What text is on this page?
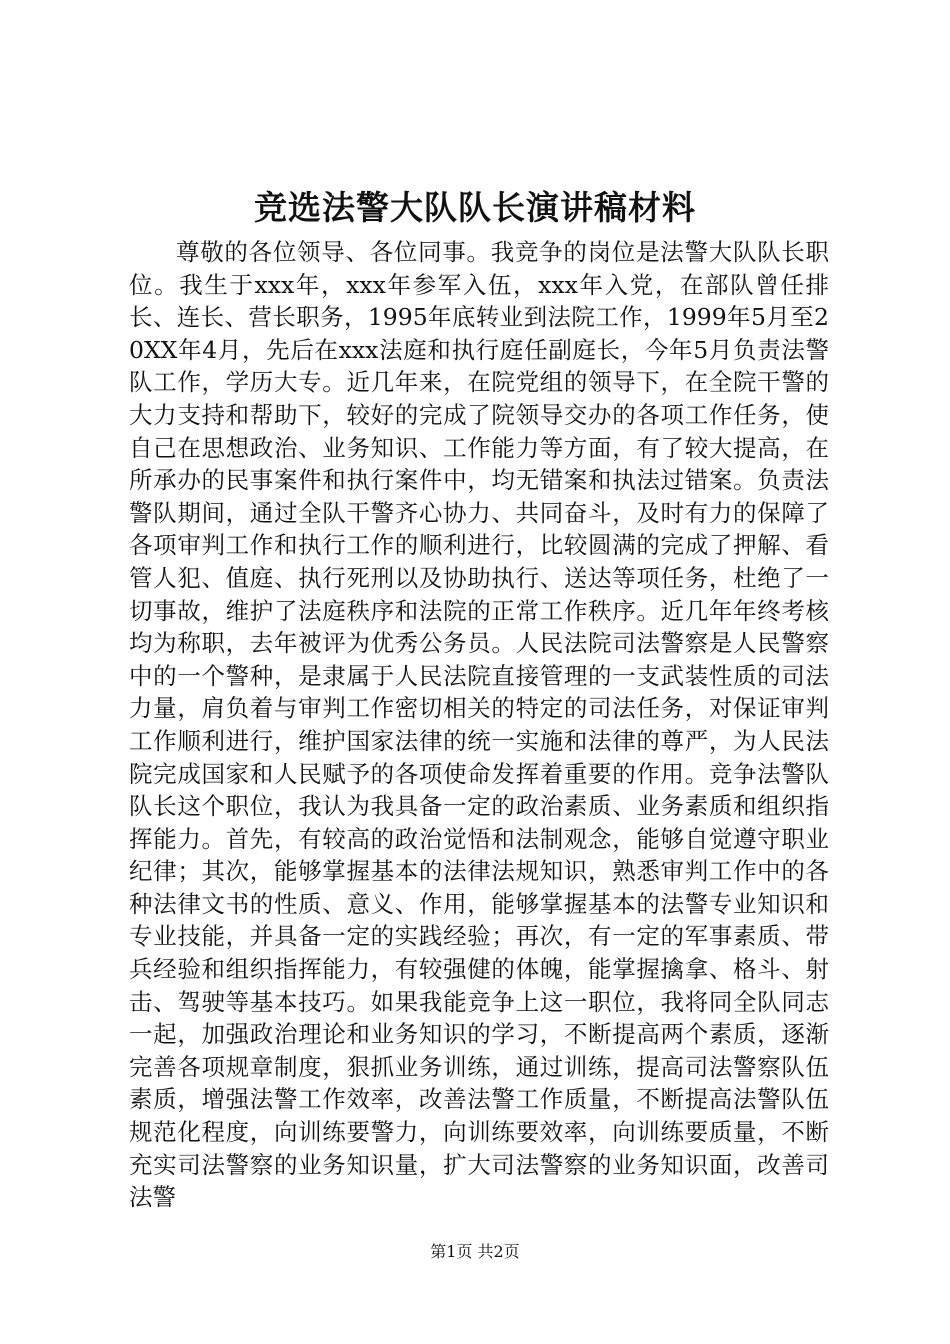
竞选法警大队队长演讲稿材料

尊敬的各位领导、各位同事。我竞争的岗位是法警大队队长职位。我生于xxx年，xxx年参军入伍，xxx年入党，在部队曾任排长、连长、营长职务，1995年底转业到法院工作，1999年5月至20XX年4月，先后在xxx法庭和执行庭任副庭长，今年5月负责法警队工作，学历大专。近几年来，在院党组的领导下，在全院干警的大力支持和帮助下，较好的完成了院领导交办的各项工作任务，使自己在思想政治、业务知识、工作能力等方面，有了较大提高，在所承办的民事案件和执行案件中，均无错案和执法过错案。负责法警队期间，通过全队干警齐心协力、共同奋斗，及时有力的保障了各项审判工作和执行工作的顺利进行，比较圆满的完成了押解、看管人犯、值庭、执行死刑以及协助执行、送达等项任务，杜绝了一切事故，维护了法庭秩序和法院的正常工作秩序。近几年年终考核均为称职，去年被评为优秀公务员。人民法院司法警察是人民警察中的一个警种，是隶属于人民法院直接管理的一支武装性质的司法力量，肩负着与审判工作密切相关的特定的司法任务，对保证审判工作顺利进行，维护国家法律的统一实施和法律的尊严，为人民法院完成国家和人民赋予的各项使命发挥着重要的作用。竞争法警队队长这个职位，我认为我具备一定的政治素质、业务素质和组织指挥能力。首先，有较高的政治觉悟和法制观念，能够自觉遵守职业纪律；其次，能够掌握基本的法律法规知识，熟悉审判工作中的各种法律文书的性质、意义、作用，能够掌握基本的法警专业知识和专业技能，并具备一定的实践经验；再次，有一定的军事素质、带兵经验和组织指挥能力，有较强健的体魄，能掌握擒拿、格斗、射击、驾驶等基本技巧。如果我能竞争上这一职位，我将同全队同志一起，加强政治理论和业务知识的学习，不断提高两个素质，逐渐完善各项规章制度，狠抓业务训练，通过训练，提高司法警察队伍素质，增强法警工作效率，改善法警工作质量，不断提高法警队伍规范化程度，向训练要警力，向训练要效率，向训练要质量，不断充实司法警察的业务知识量，扩大司法警察的业务知识面，改善司法警

第1页 共2页
